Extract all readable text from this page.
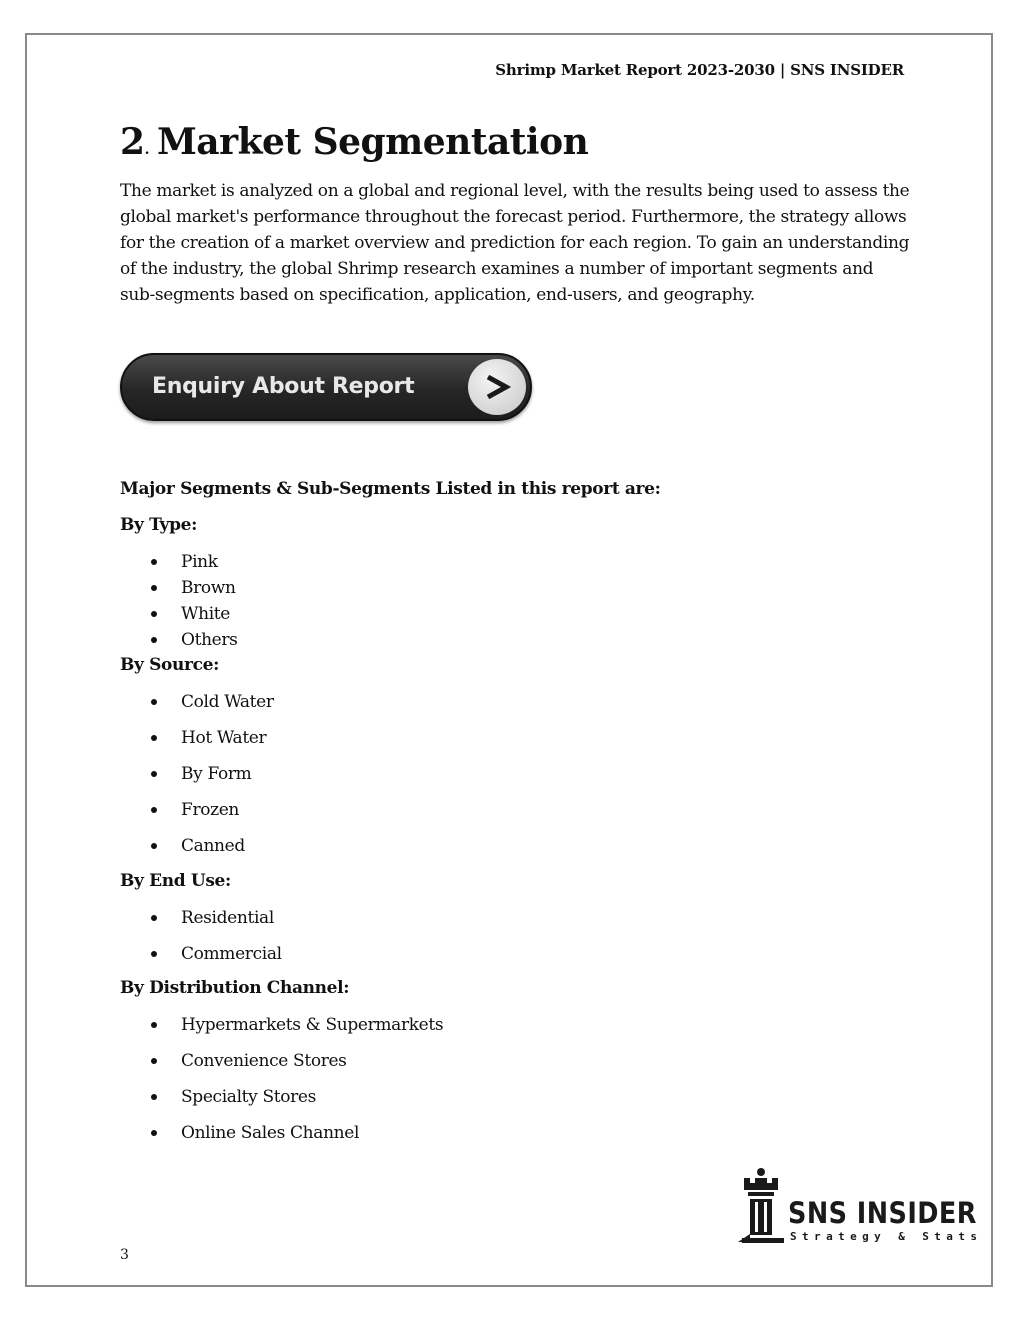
Shrimp Market Report 2023-2030 | SNS INSIDER
2. Market Segmentation

The market is analyzed on a global and regional level, with the results being used to assess the global market's performance throughout the forecast period. Furthermore, the strategy allows for the creation of a market overview and prediction for each region. To gain an understanding of the industry, the global Shrimp research examines a number of important segments and sub-segments based on specification, application, end-users, and geography.

Enquiry About Report

Major Segments & Sub-Segments Listed in this report are:

By Type:

Pink
Brown
White
Others

By Source:

Cold Water
Hot Water
By Form
Frozen
Canned

By End Use:

Residential
Commercial

By Distribution Channel:

Hypermarkets & Supermarkets
Convenience Stores
Specialty Stores
Online Sales Channel
SNS INSIDER
Strategy & Stats
3
